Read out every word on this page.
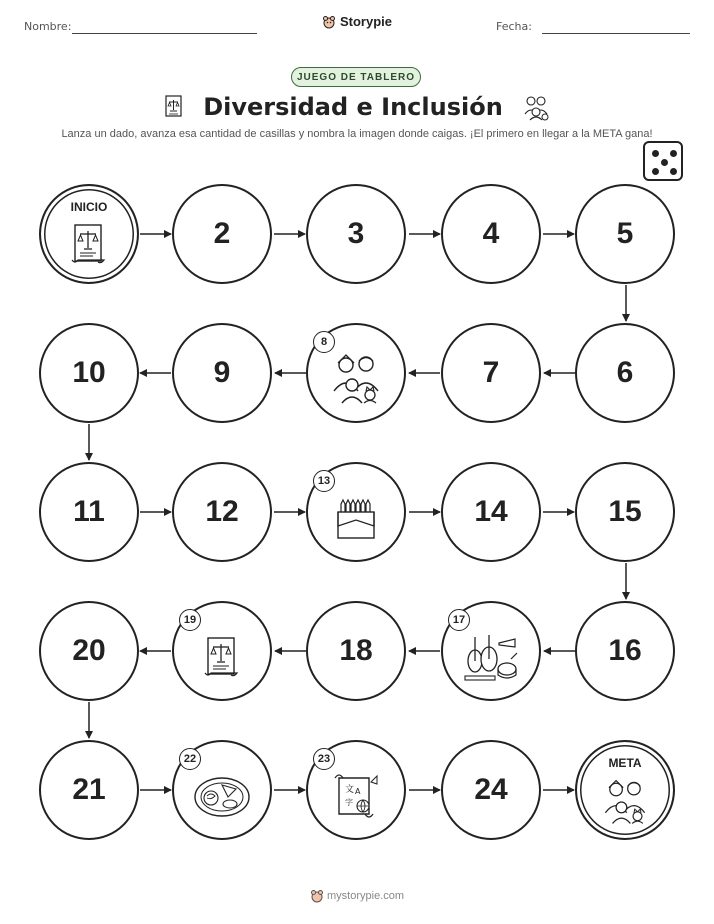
Nombre:	Storypie	Fecha:
JUEGO DE TABLERO
Diversidad e Inclusión
Lanza un dado, avanza esa cantidad de casillas y nombra la imagen donde caigas. ¡El primero en llegar a la META gana!
INICIO
2	3	4	5
10	9
8
7	6
11	12
13
14	15
20
19
18
17
16
21
22	23
文 A
字	24
META
mystorypie.com
